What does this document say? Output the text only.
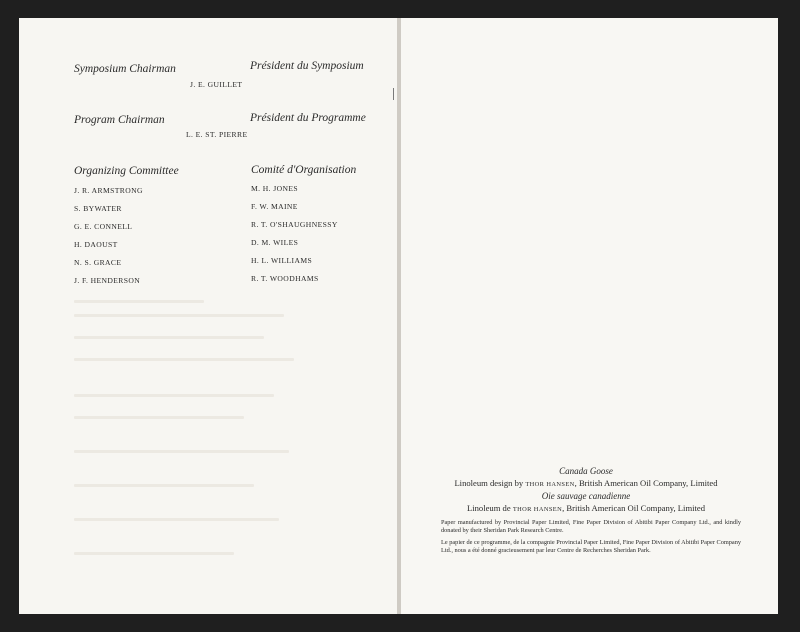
Symposium Chairman	Président du Symposium
J. E. GUILLET
Program Chairman	Président du Programme
L. E. ST. PIERRE
Organizing Committee	Comité d'Organisation
J. R. ARMSTRONG
S. BYWATER
G. E. CONNELL
H. DAOUST
N. S. GRACE
J. F. HENDERSON
M. H. JONES
F. W. MAINE
R. T. O'SHAUGHNESSY
D. M. WILES
H. L. WILLIAMS
R. T. WOODHAMS
Canada Goose
Linoleum design by THOR HANSEN, British American Oil Company, Limited
Oie sauvage canadienne
Linoleum de THOR HANSEN, British American Oil Company, Limited
Paper manufactured by Provincial Paper Limited, Fine Paper Division of Abitibi Paper Company Ltd., and kindly donated by their Sheridan Park Research Centre.
Le papier de ce programme, de la compagnie Provincial Paper Limited, Fine Paper Division of Abitibi Paper Company Ltd., nous a été donné gracieusement par leur Centre de Recherches Sheridan Park.
